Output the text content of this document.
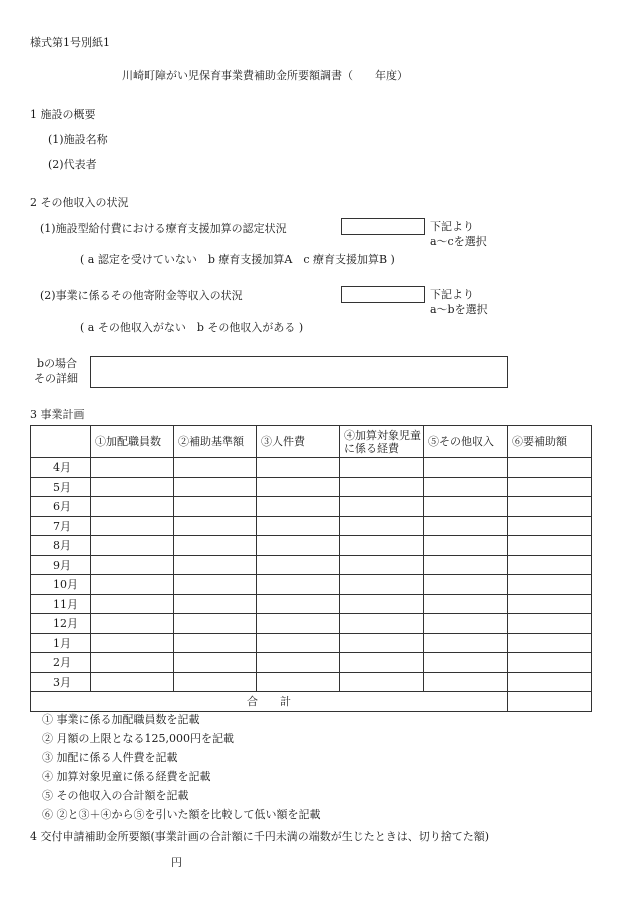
様式第1号別紙1
川崎町障がい児保育事業費補助金所要額調書（　　年度）
1 施設の概要
(1)施設名称
(2)代表者
2 その他収入の状況
(1)施設型給付費における療育支援加算の認定状況	下記より
a～cを選択
( a 認定を受けていない　b 療育支援加算A　c 療育支援加算B )
(2)事業に係るその他寄附金等収入の状況	下記より
a～bを選択
( a その他収入がない　b その他収入がある )
bの場合
その詳細
3 事業計画
	①加配職員数	②補助基準額	③人件費	④加算対象児童に係る経費	⑤その他収入	⑥要補助額
4月						
5月						
6月						
7月						
8月						
9月						
10月						
11月						
12月						
1月						
2月						
3月						
合　　計						
① 事業に係る加配職員数を記載
② 月額の上限となる125,000円を記載
③ 加配に係る人件費を記載
④ 加算対象児童に係る経費を記載
⑤ その他収入の合計額を記載
⑥ ②と③＋④から⑤を引いた額を比較して低い額を記載
4 交付申請補助金所要額(事業計画の合計額に千円未満の端数が生じたときは、切り捨てた額)
円
